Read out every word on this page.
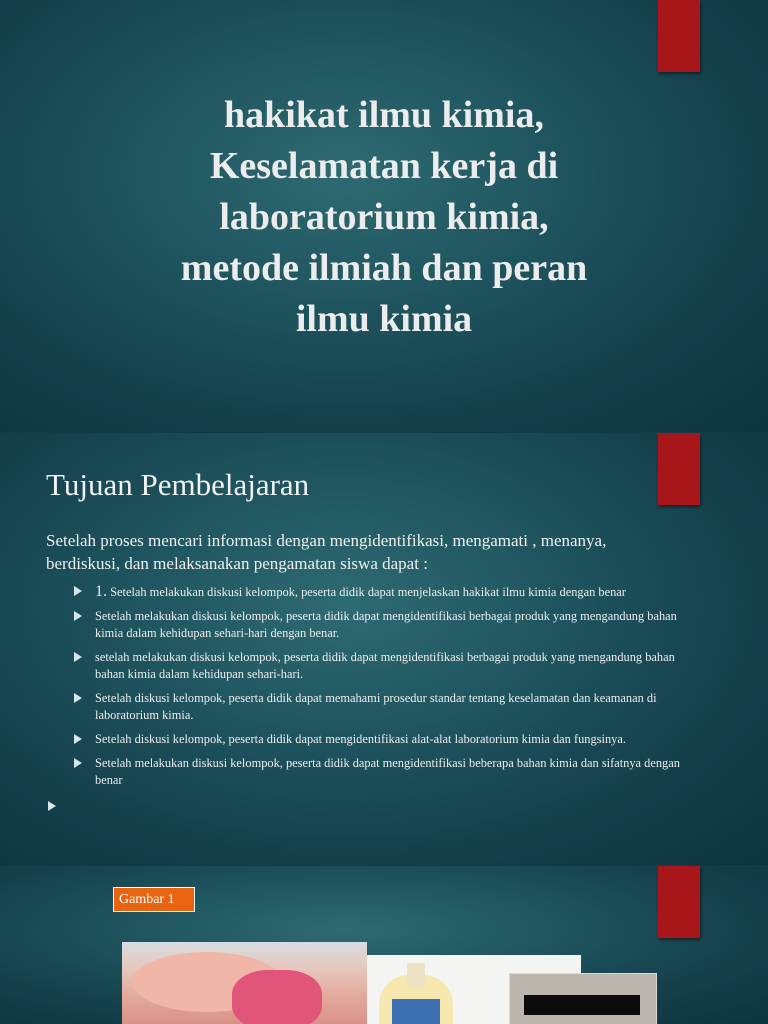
hakikat ilmu kimia,
Keselamatan kerja di
laboratorium kimia,
metode ilmiah dan peran
ilmu kimia
Tujuan Pembelajaran

Setelah proses mencari informasi dengan mengidentifikasi, mengamati , menanya,
berdiskusi, dan melaksanakan pengamatan siswa dapat :

1. Setelah melakukan diskusi kelompok, peserta didik dapat menjelaskan hakikat ilmu kimia dengan benar
Setelah melakukan diskusi kelompok, peserta didik dapat mengidentifikasi berbagai produk yang mengandung bahan kimia dalam kehidupan sehari-hari dengan benar.
setelah melakukan diskusi kelompok, peserta didik dapat mengidentifikasi berbagai produk yang mengandung bahan bahan kimia dalam kehidupan sehari-hari.
Setelah diskusi kelompok, peserta didik dapat memahami prosedur standar tentang keselamatan dan keamanan di laboratorium kimia.
Setelah diskusi kelompok, peserta didik dapat mengidentifikasi alat-alat laboratorium kimia dan fungsinya.
Setelah melakukan diskusi kelompok, peserta didik dapat mengidentifikasi beberapa bahan kimia dan sifatnya dengan benar
Gambar 1
